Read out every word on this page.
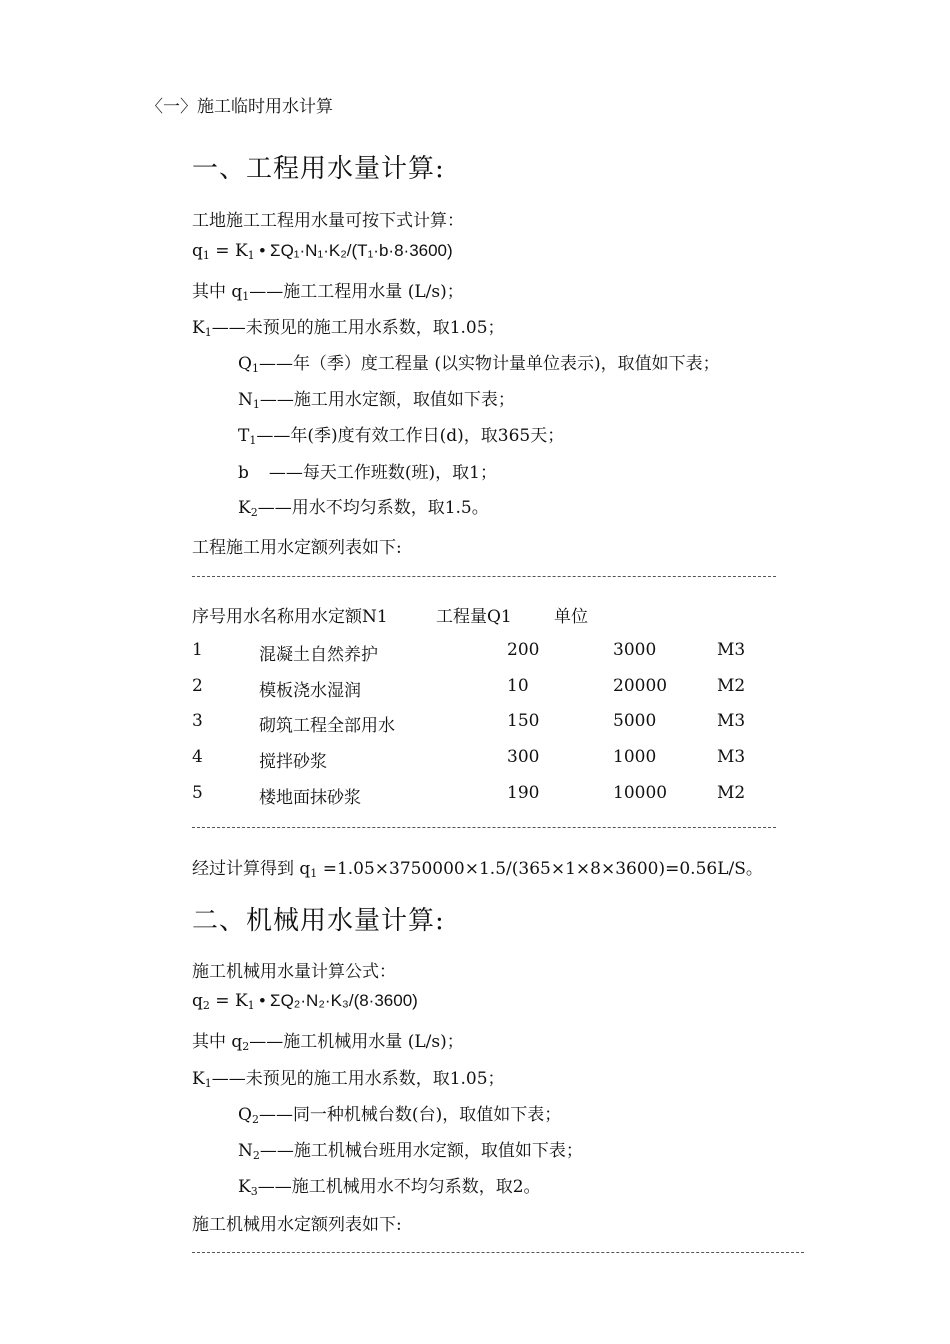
〈一〉施工临时用水计算
一、工程用水量计算:
工地施工工程用水量可按下式计算：
$q_1 = K_1$ • ΣQ₁·N₁·K₂/(T₁·b·8·3600)
其中 $q_1——$施工工程用水量 (L/s)；
$K_1——$未预见的施工用水系数，取1.05；
$Q_1——$年（季）度工程量 (以实物计量单位表示)，取值如下表；
$N_1——$施工用水定额，取值如下表；
$T_1——$年(季)度有效工作日(d)，取365天；
b ——每天工作班数(班)，取1；
$K_2——$用水不均匀系数，取1.5。
工程施工用水定额列表如下:
序号用水名称用水定额N1	工程量Q1 单位
1	混凝土自然养护	200	3000	M3
2	模板浇水湿润	10	20000	M2
3	砌筑工程全部用水	150	5000	M3
4	搅拌砂浆	300	1000	M3
5	楼地面抹砂浆	190	10000	M2
经过计算得到 $q_1 =1.05\times 3750000\times 1.5/(365\times 1\times 8\times 3600)=0.56L/S$。
二、机械用水量计算:
施工机械用水量计算公式：
$q_2 = K_1$ • ΣQ₂·N₂·K₃/(8·3600)
其中 $q_2——$施工机械用水量 (L/s)；
$K_1——$未预见的施工用水系数，取1.05；
$Q_2——$同一种机械台数(台)，取值如下表；
$N_2——$施工机械台班用水定额，取值如下表；
$K_3——$施工机械用水不均匀系数，取2。
施工机械用水定额列表如下:
